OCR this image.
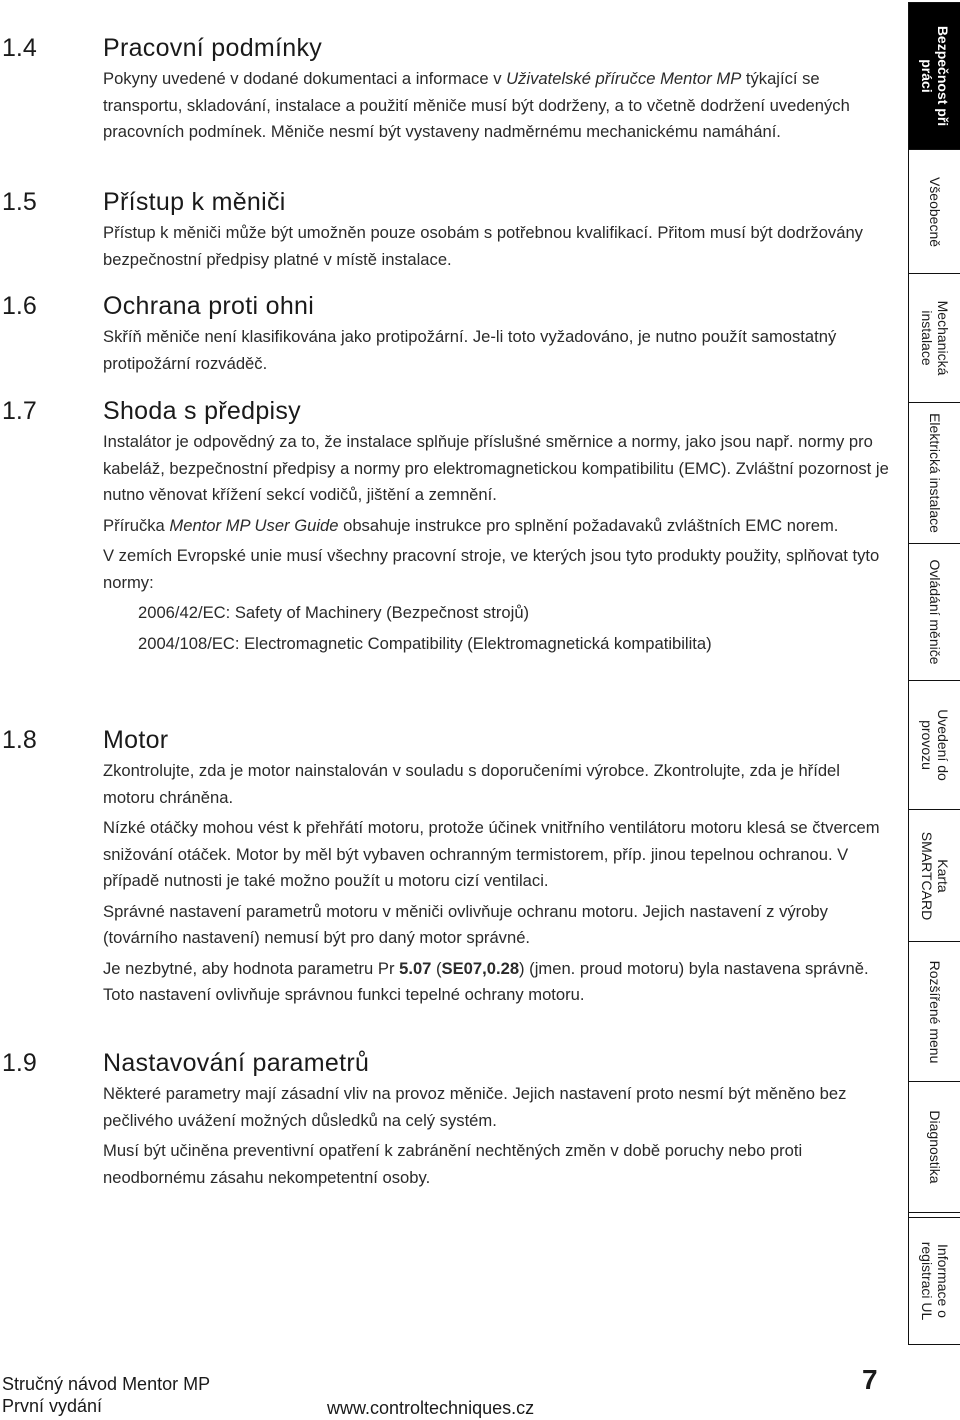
1.4	Pracovní podmínky

Pokyny uvedené v dodané dokumentaci a informace v Uživatelské příručce Mentor MP týkající se transportu, skladování, instalace a použití měniče musí být dodrženy, a to včetně dodržení uvedených pracovních podmínek. Měniče nesmí být vystaveny nadměrnému mechanickému namáhání.

1.5	Přístup k měniči

Přístup k měniči může být umožněn pouze osobám s potřebnou kvalifikací. Přitom musí být dodržovány bezpečnostní předpisy platné v místě instalace.

1.6	Ochrana proti ohni

Skříň měniče není klasifikována jako protipožární. Je-li toto vyžadováno, je nutno použít samostatný protipožární rozváděč.

1.7	Shoda s předpisy

Instalátor je odpovědný za to, že instalace splňuje příslušné směrnice a normy, jako jsou např. normy pro kabeláž, bezpečnostní předpisy a normy pro elektromagnetickou kompatibilitu (EMC). Zvláštní pozornost je nutno věnovat křížení sekcí vodičů, jištění a zemnění.

Příručka Mentor MP User Guide obsahuje instrukce pro splnění požadavaků zvláštních EMC norem.

V zemích Evropské unie musí všechny pracovní stroje, ve kterých jsou tyto produkty použity, splňovat tyto normy:

2006/42/EC: Safety of Machinery (Bezpečnost strojů)

2004/108/EC: Electromagnetic Compatibility (Elektromagnetická kompatibilita)

1.8	Motor

Zkontrolujte, zda je motor nainstalován v souladu s doporučeními výrobce. Zkontrolujte, zda je hřídel motoru chráněna.

Nízké otáčky mohou vést k přehřátí motoru, protože účinek vnitřního ventilátoru motoru klesá se čtvercem snižování otáček. Motor by měl být vybaven ochranným termistorem, příp. jinou tepelnou ochranou. V případě nutnosti je také možno použít u motoru cizí ventilaci.

Správné nastavení parametrů motoru v měniči ovlivňuje ochranu motoru. Jejich nastavení z výroby (továrního nastavení) nemusí být pro daný motor správné.

Je nezbytné, aby hodnota parametru Pr 5.07 (SE07,0.28) (jmen. proud motoru) byla nastavena správně. Toto nastavení ovlivňuje správnou funkci tepelné ochrany motoru.

1.9	Nastavování parametrů

Některé parametry mají zásadní vliv na provoz měniče. Jejich nastavení proto nesmí být měněno bez pečlivého uvážení možných důsledků na celý systém.

Musí být učiněna preventivní opatření k zabránění nechtěných změn v době poruchy nebo proti neodbornému zásahu nekompetentní osoby.

Bezpečnost při
práci
Všeobecně
Mechanická
instalace
Elektrická instalace
Ovládání měniče
Uvedení do
provozu
Karta
SMARTCARD
Rozšířené menu
Diagnostika
Informace o
registraci UL
Stručný návod Mentor MP
První vydání	www.controltechniques.cz
7
